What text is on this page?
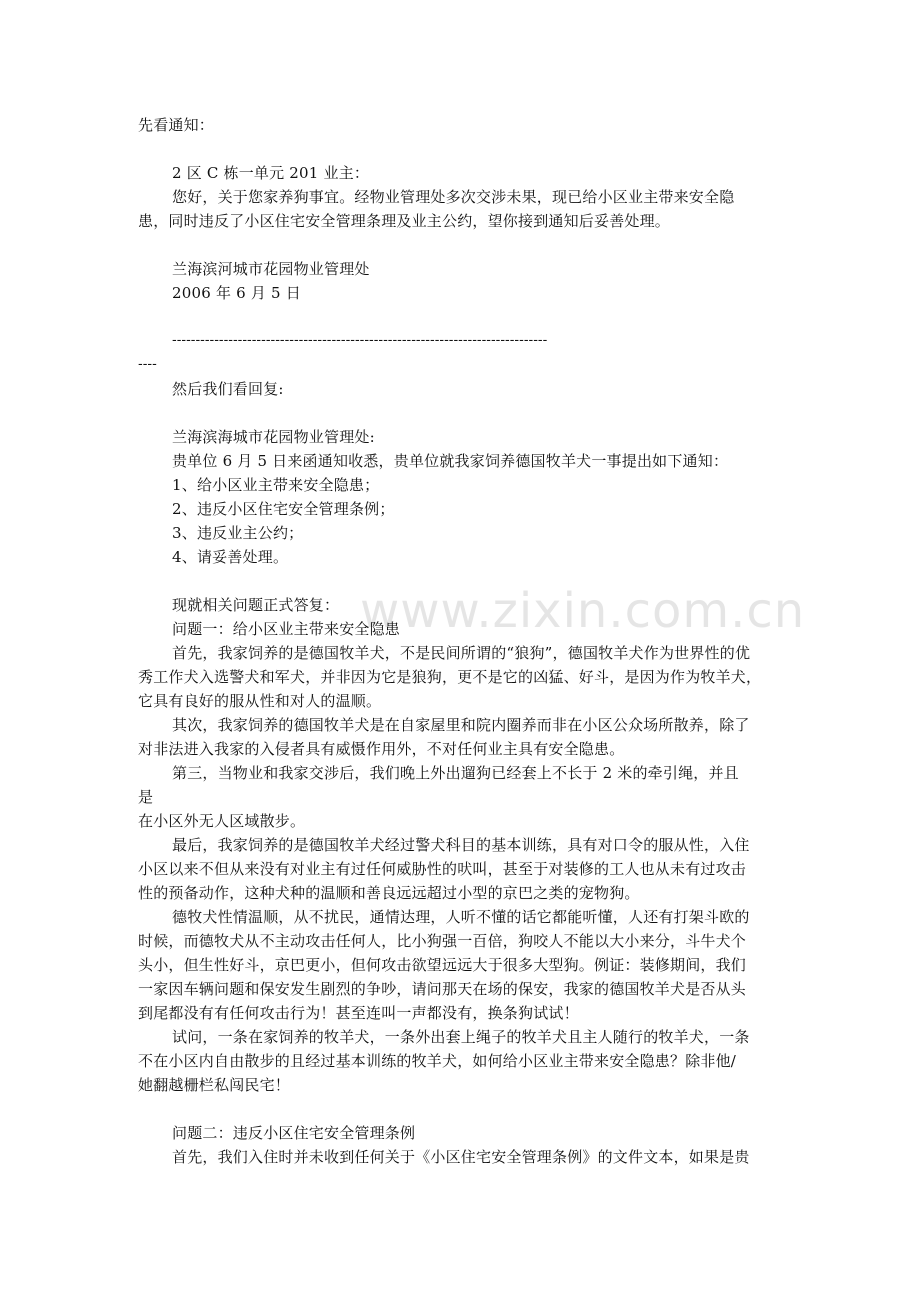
www.zixin.com.cn
先看通知：
2 区 C 栋一单元 201 业主：
您好，关于您家养狗事宜。经物业管理处多次交涉未果，现已给小区业主带来安全隐
患，同时违反了小区住宅安全管理条理及业主公约，望你接到通知后妥善处理。
兰海滨河城市花园物业管理处
2006 年 6 月 5 日
--------------------------------------------------------------------------------
----
然后我们看回复:
兰海滨海城市花园物业管理处:
贵单位 6 月 5 日来函通知收悉，贵单位就我家饲养德国牧羊犬一事提出如下通知：
1、给小区业主带来安全隐患；
2、违反小区住宅安全管理条例；
3、违反业主公约；
4、请妥善处理。
现就相关问题正式答复：
问题一：给小区业主带来安全隐患
首先，我家饲养的是德国牧羊犬，不是民间所谓的“狼狗”，德国牧羊犬作为世界性的优
秀工作犬入选警犬和军犬，并非因为它是狼狗，更不是它的凶猛、好斗，是因为作为牧羊犬，
它具有良好的服从性和对人的温顺。
其次，我家饲养的德国牧羊犬是在自家屋里和院内圈养而非在小区公众场所散养，除了
对非法进入我家的入侵者具有威慑作用外，不对任何业主具有安全隐患。
第三，当物业和我家交涉后，我们晚上外出遛狗已经套上不长于 2 米的牵引绳，并且
是
在小区外无人区域散步。
最后，我家饲养的是德国牧羊犬经过警犬科目的基本训练，具有对口令的服从性，入住
小区以来不但从来没有对业主有过任何威胁性的吠叫，甚至于对装修的工人也从未有过攻击
性的预备动作，这种犬种的温顺和善良远远超过小型的京巴之类的宠物狗。
德牧犬性情温顺，从不扰民，通情达理，人听不懂的话它都能听懂，人还有打架斗欧的
时候，而德牧犬从不主动攻击任何人，比小狗强一百倍，狗咬人不能以大小来分，斗牛犬个
头小，但生性好斗，京巴更小，但何攻击欲望远远大于很多大型狗。例证：装修期间，我们
一家因车辆问题和保安发生剧烈的争吵，请问那天在场的保安，我家的德国牧羊犬是否从头
到尾都没有有任何攻击行为！甚至连叫一声都没有，换条狗试试！
试问，一条在家饲养的牧羊犬，一条外出套上绳子的牧羊犬且主人随行的牧羊犬，一条
不在小区内自由散步的且经过基本训练的牧羊犬，如何给小区业主带来安全隐患？除非他/
她翻越栅栏私闯民宅！
问题二：违反小区住宅安全管理条例
首先，我们入住时并未收到任何关于《小区住宅安全管理条例》的文件文本，如果是贵
